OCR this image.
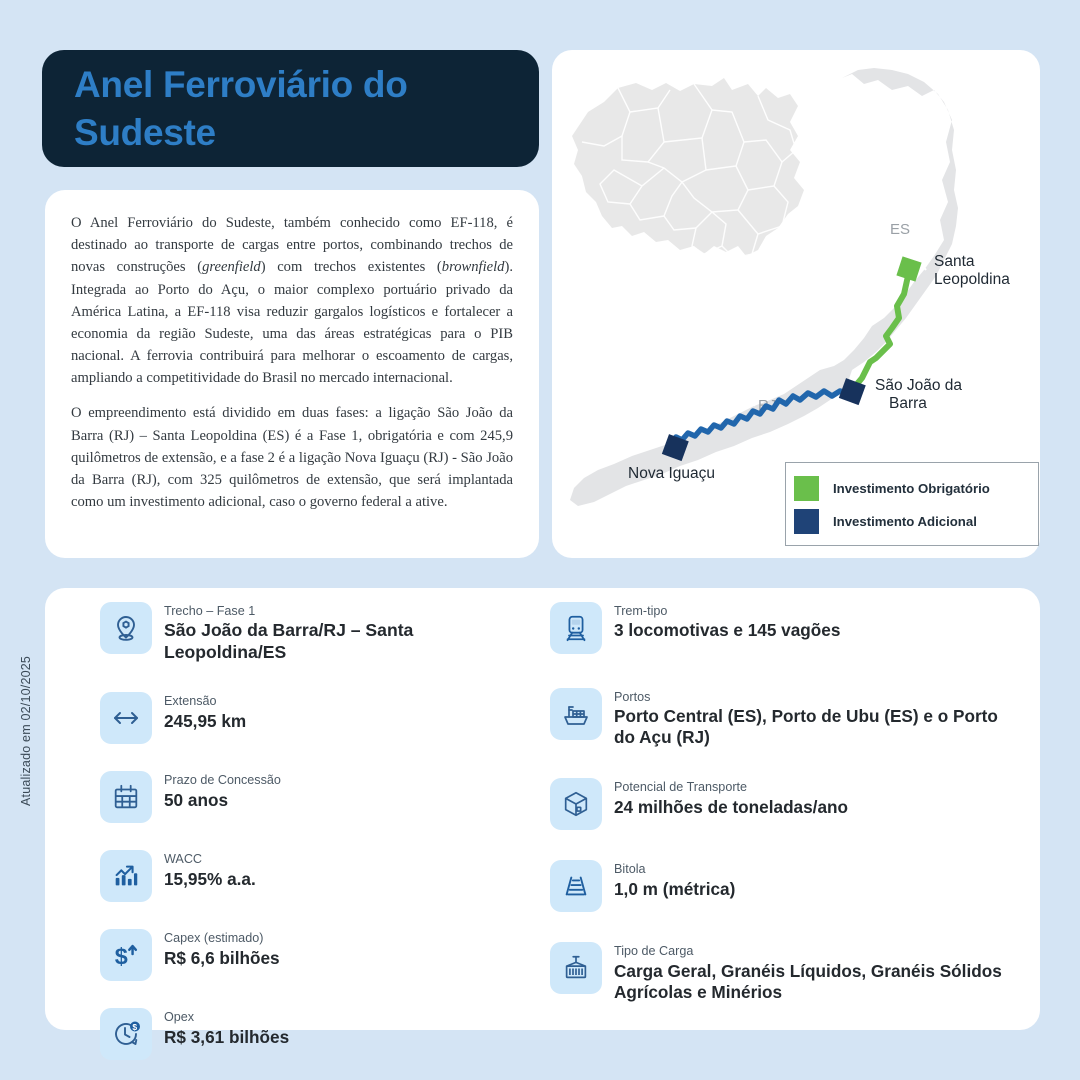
Atualizado em 02/10/2025
Anel Ferroviário do Sudeste

O Anel Ferroviário do Sudeste, também conhecido como EF-118, é destinado ao transporte de cargas entre portos, combinando trechos de novas construções (greenfield) com trechos existentes (brownfield). Integrada ao Porto do Açu, o maior complexo portuário privado da América Latina, a EF-118 visa reduzir gargalos logísticos e fortalecer a economia da região Sudeste, uma das áreas estratégicas para o PIB nacional. A ferrovia contribuirá para melhorar o escoamento de cargas, ampliando a competitividade do Brasil no mercado internacional.

O empreendimento está dividido em duas fases: a ligação São João da Barra (RJ) – Santa Leopoldina (ES) é a Fase 1, obrigatória e com 245,9 quilômetros de extensão, e a fase 2 é a ligação Nova Iguaçu (RJ) - São João da Barra (RJ), com 325 quilômetros de extensão, que será implantada como um investimento adicional, caso o governo federal a ative.

ES
RJ
Santa
Leopoldina
São João da
Barra
Nova Iguaçu
Investimento Obrigatório
Investimento Adicional
Trecho – Fase 1
São João da Barra/RJ – Santa Leopoldina/ES
Extensão
245,95 km
Prazo de Concessão
50 anos
WACC
15,95% a.a.
$
Capex (estimado)
R$ 6,6 bilhões
$
Opex
R$ 3,61 bilhões
Trem-tipo
3 locomotivas e 145 vagões
Portos
Porto Central (ES), Porto de Ubu (ES) e o Porto do Açu (RJ)
Potencial de Transporte
24 milhões de toneladas/ano
Bitola
1,0 m (métrica)
Tipo de Carga
Carga Geral, Granéis Líquidos, Granéis Sólidos Agrícolas e Minérios
